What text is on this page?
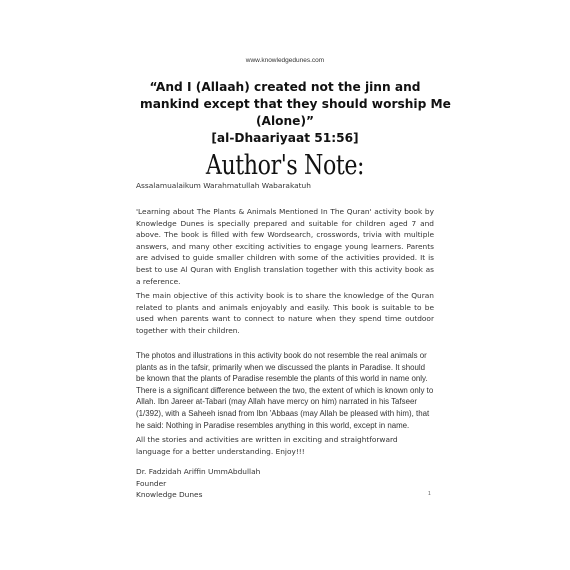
www.knowledgedunes.com
“And I (Allaah) created not the jinn and
mankind except that they should worship Me
(Alone)”
[al-Dhaariyaat 51:56]
Author's Note:
Assalamualaikum Warahmatullah Wabarakatuh
'Learning about The Plants & Animals Mentioned In The Quran' activity book by Knowledge Dunes is specially prepared and suitable for children aged 7 and above. The book is filled with few Wordsearch, crosswords, trivia with multiple answers, and many other exciting activities to engage young learners. Parents are advised to guide smaller children with some of the activities provided. It is best to use Al Quran with English translation together with this activity book as a reference.
The main objective of this activity book is to share the knowledge of the Quran related to plants and animals enjoyably and easily. This book is suitable to be used when parents want to connect to nature when they spend time outdoor together with their children.
The photos and illustrations in this activity book do not resemble the real animals or plants as in the tafsir, primarily when we discussed the plants in Paradise. It should be known that the plants of Paradise resemble the plants of this world in name only. There is a significant difference between the two, the extent of which is known only to Allah. Ibn Jareer at-Tabari (may Allah have mercy on him) narrated in his Tafseer (1/392), with a Saheeh isnad from Ibn 'Abbaas (may Allah be pleased with him), that he said: Nothing in Paradise resembles anything in this world, except in name.
All the stories and activities are written in exciting and straightforward language for a better understanding. Enjoy!!!
Dr. Fadzidah Ariffin UmmAbdullah
Founder
Knowledge Dunes	1
